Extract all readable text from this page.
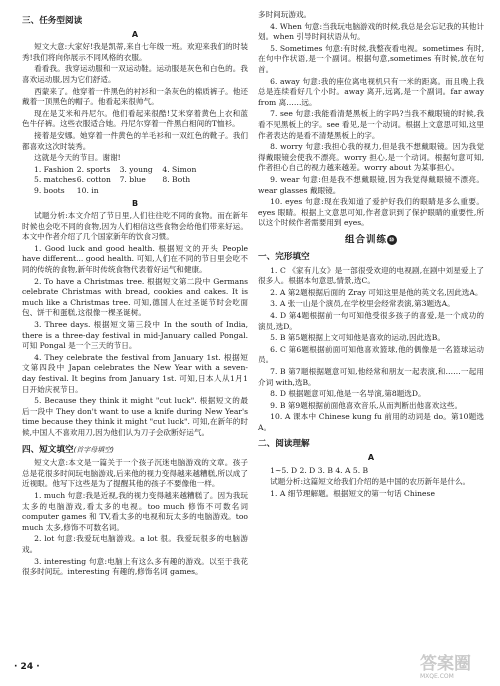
三、任务型阅读
A

短文大意:大家好!我是凯蒂,来自七年级一班。欢迎来我们的时装秀!我们将向你展示不同风格的衣服。

看看我。我穿运动服和一双运动鞋。运动服是灰色和白色的。我喜欢运动服,因为它们舒适。

西蒙来了。他穿着一件黑色的衬衫和一条灰色的棉质裤子。他还戴着一顶黑色的帽子。他看起来很帅气。

现在是艾米和丹尼尔。他们看起来很酷!艾米穿着黄色上衣和蓝色牛仔裤。这些衣服适合她。丹尼尔穿着一件黑白相间的T恤衫。

接着是安娜。她穿着一件黄色的羊毛衫和一双红色的靴子。我们都喜欢这次时装秀。

这就是今天的节目。谢谢!

1. Fashion 2. sports	3. young	4. Simon
5. matches 6. cotton	7. blue	8. Both
9. boots	10. in
B

试题分析:本文介绍了节日里,人们往往吃不同的食物。而在新年时候也会吃不同的食物,因为人们相信这些食物会给他们带来好运。本文中作者介绍了几个国家新年的饮食习惯。

1. Good luck and good health. 根据短文的开头 People have different... good health. 可知,人们在不同的节日里会吃不同的传统的食物,新年时传统食物代表着好运气和健康。

2. To have a Christmas tree. 根据短文第二段中 Germans celebrate Christmas with bread, cookies and cakes. It is much like a Christmas tree. 可知,德国人在过圣诞节时会吃面包、饼干和蛋糕,这很像一棵圣诞树。

3. Three days. 根据短文第三段中 In the south of India, there is a three-day festival in mid-January called Pongal. 可知 Pongal 是一个三天的节日。

4. They celebrate the festival from January 1st. 根据短文第四段中 Japan celebrates the New Year with a seven-day festival. It begins from January 1st. 可知,日本人从1月1日开始庆祝节日。

5. Because they think it might "cut luck". 根据短文的最后一段中 They don't want to use a knife during New Year's time because they think it might "cut luck". 可知,在新年的时候,中国人不喜欢用刀,因为他们认为刀子会砍断好运气。

四、短文填空(首字母填空)

短文大意:本文是一篇关于一个孩子沉迷电脑游戏的文章。孩子总是花很多时间玩电脑游戏,后来他的视力变得越来越糟糕,所以成了近视眼。他写下这些是为了提醒其他的孩子不要像他一样。

1. much 句意:我是近视,我的视力变得越来越糟糕了。因为我玩太多的电脑游戏,看太多的电视。too much 修饰不可数名词 computer games 和 TV,看太多的电视和玩太多的电脑游戏。too much 太多,修饰不可数名词。

2. lot 句意:我爱玩电脑游戏。a lot 很。我爱玩很多的电脑游戏。

3. interesting 句意:电脑上有这么多有趣的游戏。以至于我花很多时间玩。interesting 有趣的,修饰名词 games。

多时间玩游戏。

4. When 句意:当我玩电脑游戏的时候,我总是会忘记我的其他计划。when 引导时间状语从句。

5. Sometimes 句意:有时候,我整夜看电视。sometimes 有时,在句中作状语,是一个副词。根据句意,sometimes 有时候,放在句首。

6. away 句意:我的座位离电视机只有一米的距离。而且晚上我总是连续看好几个小时。away 离开,远离,是一个副词。far away from 离……远。

7. see 句意:我能看清楚黑板上的字吗?当我不戴眼镜的时候,我看不见黑板上的字。see 看见,是一个动词。根据上文意思可知,这里作者表达的是看不清楚黑板上的字。

8. worry 句意:我担心我的视力,但是我不想戴眼镜。因为我觉得戴眼镜会使我不漂亮。worry 担心,是一个动词。根据句意可知,作者担心自己的视力越来越差。worry about 为某事担心。

9. wear 句意:但是我不想戴眼镜,因为我觉得戴眼镜不漂亮。wear glasses 戴眼镜。

10. eyes 句意:现在我知道了爱护好我们的眼睛是多么重要。eyes 眼睛。根据上文意思可知,作者意识到了保护眼睛的重要性,所以这个时候作者需要用到 eyes。

组合训练 ⑩
一、完形填空

1. C 《家有儿女》是一部很受欢迎的电视剧,在剧中刘星爱上了很多人。根据本句意思,情景,选C。

2. A 第2题根据后面的 Zray 可知这里是他的英文名,因此选A。

3. A 张一山是个演员,在学校里会经常表演,第3题选A。

4. D 第4题根据前一句可知他受很多孩子的喜爱,是一个成功的演员,选D。

5. B 第5题根据上文可知他是喜欢的运动,因此选B。

6. C 第6题根据前面可知他喜欢篮球,他的偶像是一名篮球运动员。

7. B 第7题根据题意可知,他经常和朋友一起表演,和……一起用介词 with,选B。

8. D 根据题意可知,他是一名导演,第8题选D。

9. B 第9题根据前面他喜欢音乐,从而判断出他喜欢这些。

10. A 课本中 Chinese kung fu 前用的动词是 do。第10题选A。

二、阅读理解
A

1~5. D 2. D 3. B 4. A 5. B

试题分析:这篇短文给我们介绍的是中国的农历新年是什么。

1. A 细节理解题。根据短文的第一句话 Chinese

· 24 ·	答案圈
MXQE.COM
